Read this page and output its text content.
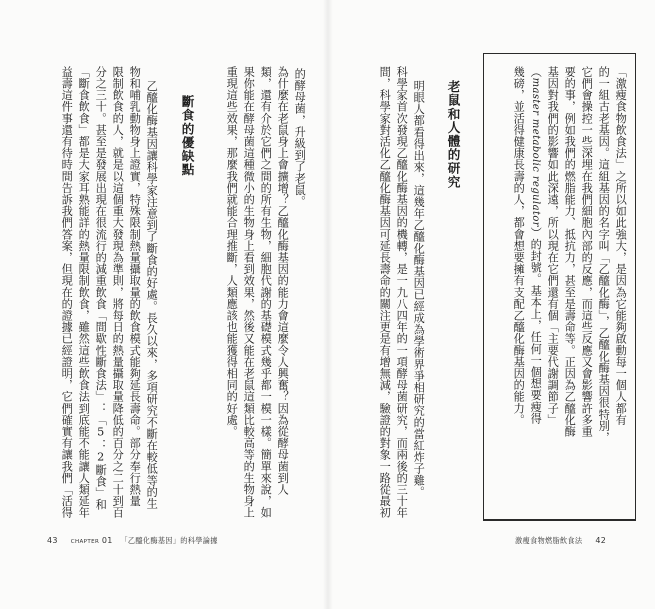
的酵母菌，升級到了老鼠。
為什麼在老鼠身上會擴增？乙醯化酶基因的能力會這麼令人興奮？因為從酵母菌到人
類，還有介於它們之間的所有生物，細胞代謝的基礎模式幾乎都一模一樣。簡單來說，如
果你能在酵母菌這種微小的生物身上看到效果，然後又能在老鼠這類比較高等的生物身上
重現這些效果，那麼我們就能合理推斷，人類應該也能獲得相同的好處。
斷食的優缺點
乙醯化酶基因讓科學家注意到了斷食的好處。長久以來，多項研究不斷在較低等的生
物和哺乳動物身上證實，特殊限制熱量攝取量的飲食模式能夠延長壽命。部分奉行熱量
限制飲食的人，就是以這個重大發現為準則，將每日的熱量攝取量降低的百分之二十到百
分之三十。甚至是發展出現在很流行的減重飲食「間歇性斷食法」：「5：2斷食」和
「斷食飲食」都是大家耳熟能詳的熱量限制飲食，雖然這些飲食法到底能不能讓人類延年
益壽這件事還有待時間告訴我們答案，但現在的證據已經證明，它們確實有讓我們「活得
43 CHAPTER 01 「乙醯化酶基因」的科學論據
「激瘦食物飲食法」之所以如此強大，是因為它能夠啟動每一個人都有
的一組古老基因。這組基因的名字叫「乙醯化酶」，乙醯化酶基因很特別，
它們會操控一些深埋在我們細胞內部的反應，而這些反應又會影響許多重
要的事，例如我們的燃脂能力、抵抗力，甚至是壽命等。正因為乙醯化酶
基因對我們的影響如此深遠，所以現在它們還有個「主要代謝調節子」
（master metabolic regulator）的封號。基本上，任何一個想要瘦得
幾磅，並活得健康長壽的人，都會想要擁有支配乙醯化酶基因的能力。
老鼠和人體的研究
明眼人都看得出來，這幾年乙醯化酶基因已經成為學術界爭相研究的當紅炸子雞。
科學家首次發現乙醯化酶基因的機轉，是一九八四年的一項酵母菌研究，而兩後的三十年
間，科學家對活化乙醯化酶基因可延長壽命的關注更是有增無減，驗證的對象一路從最初
激瘦食物燃脂飲食法 42
